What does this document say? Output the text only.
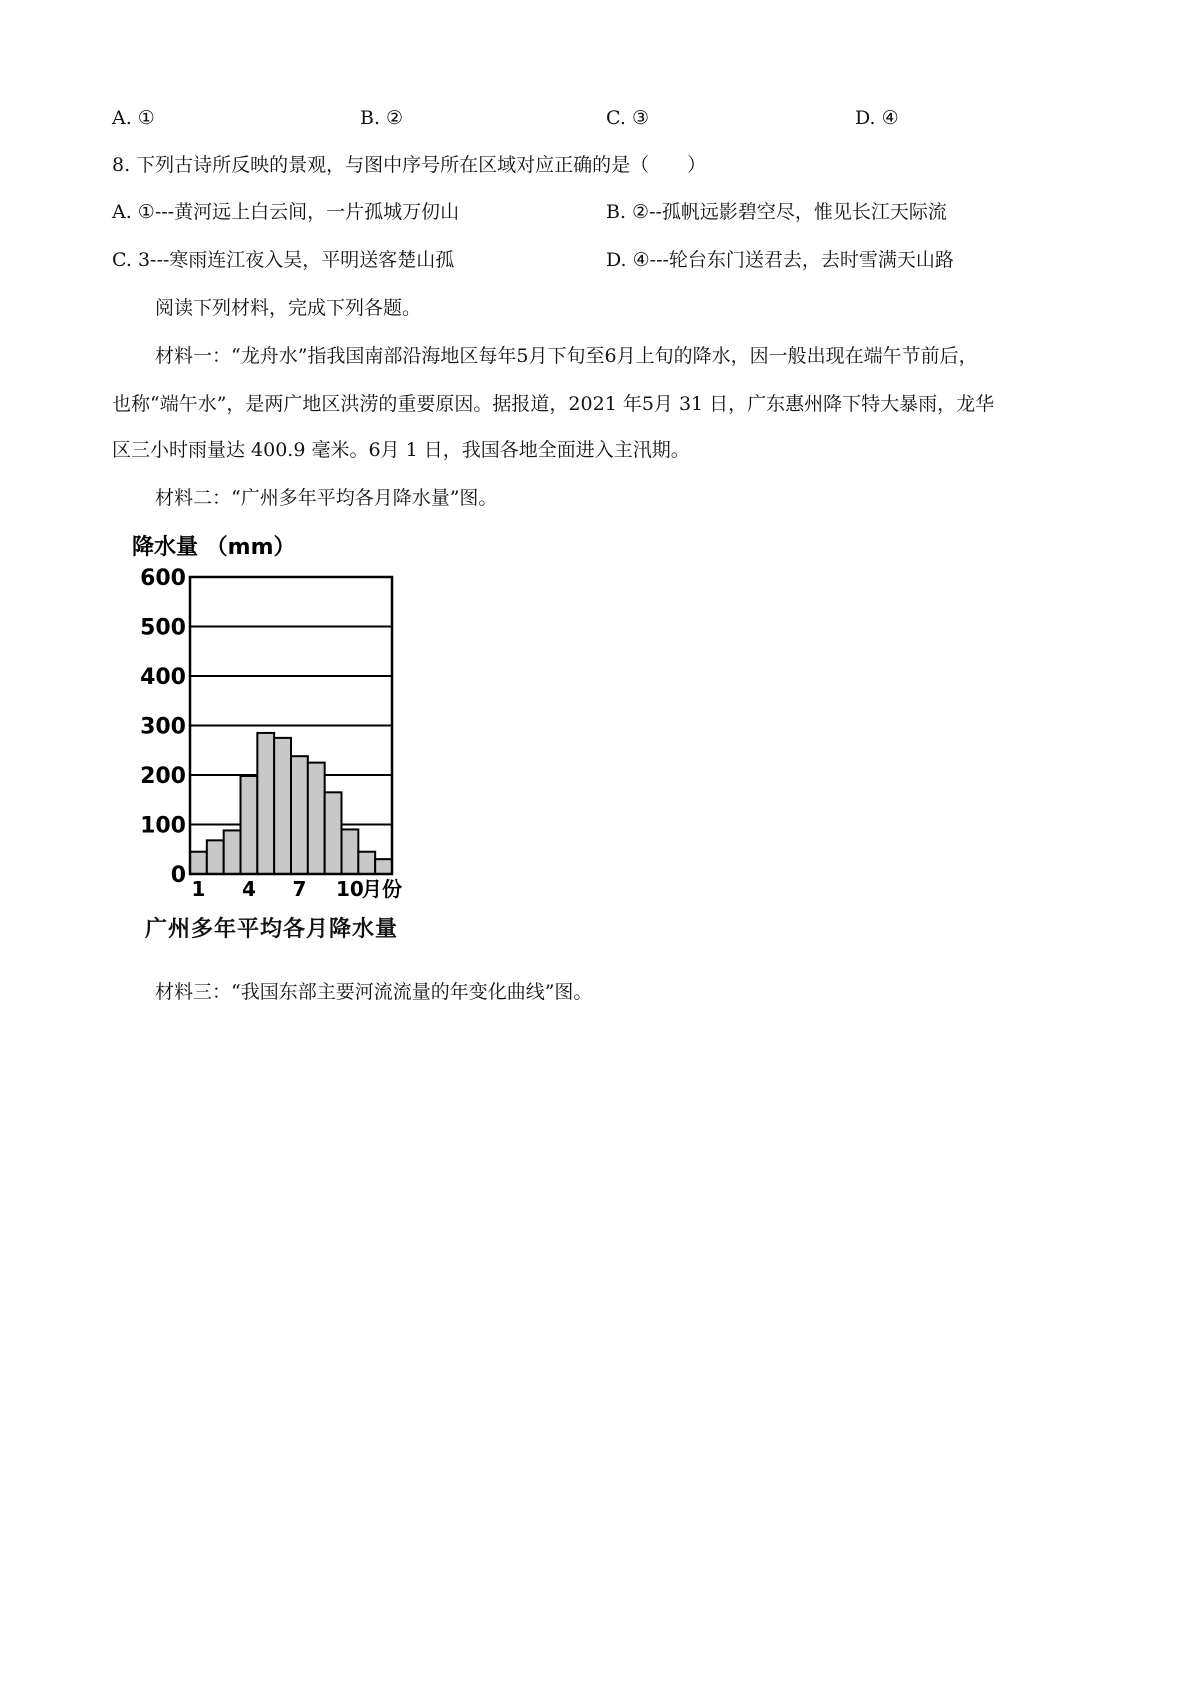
A. ①	B. ②	C. ③	D. ④
8. 下列古诗所反映的景观，与图中序号所在区域对应正确的是（　　）
A. ①---黄河远上白云间，一片孤城万仞山	B. ②--孤帆远影碧空尽，惟见长江天际流
C. 3---寒雨连江夜入吴，平明送客楚山孤	D. ④---轮台东门送君去，去时雪满天山路
阅读下列材料，完成下列各题。
材料一：“龙舟水”指我国南部沿海地区每年5月下旬至6月上旬的降水，因一般出现在端午节前后，
也称“端午水”，是两广地区洪涝的重要原因。据报道，2021 年5月 31 日，广东惠州降下特大暴雨，龙华
区三小时雨量达 400.9 毫米。6月 1 日，我国各地全面进入主汛期。
材料二：“广州多年平均各月降水量”图。
降水量 （mm）
0
100
200
300
400
500
600
1 4 7 10
月份
广州多年平均各月降水量
材料三：“我国东部主要河流流量的年变化曲线”图。
